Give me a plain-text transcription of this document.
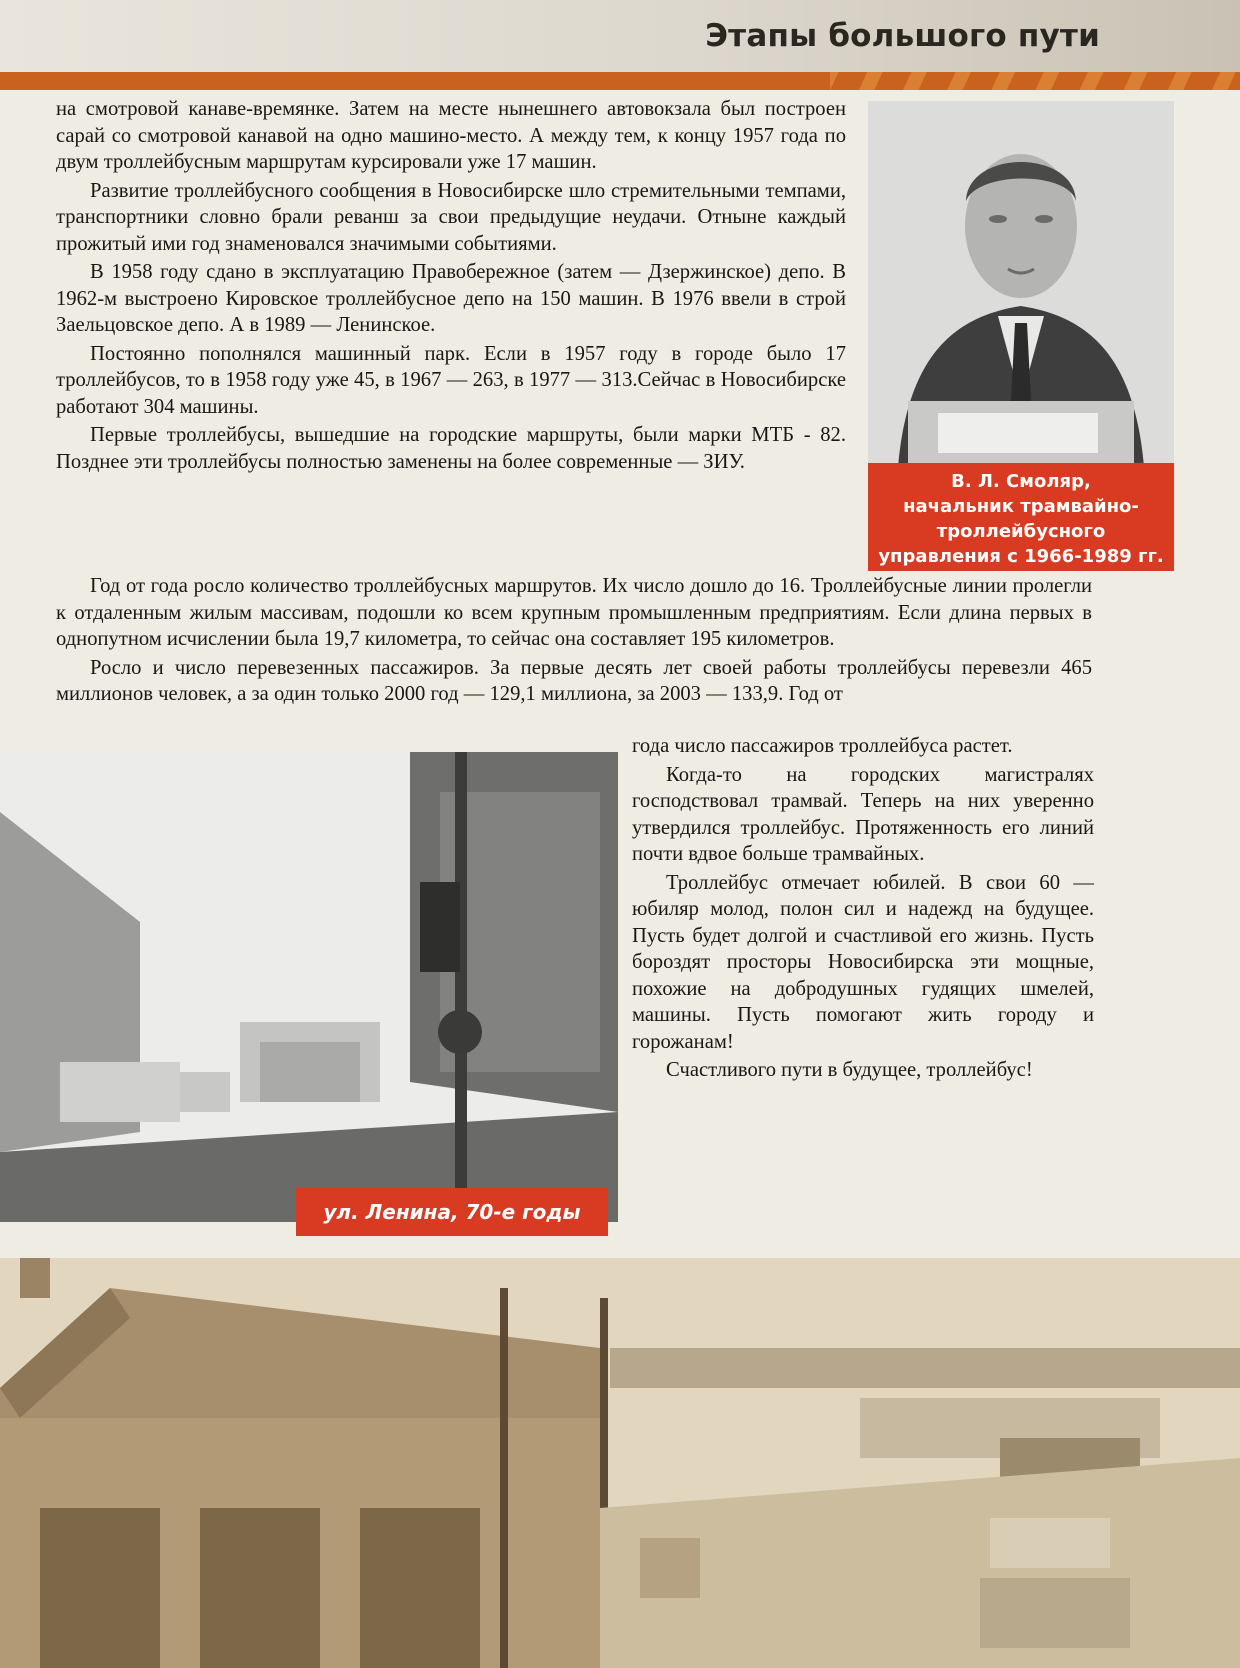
Этапы большого пути

на смотровой канаве-времянке. Затем на месте нынешнего автовокзала был построен сарай со смотровой канавой на одно машино-место. А между тем, к концу 1957 года по двум троллейбусным маршрутам курсировали уже 17 машин.

Развитие троллейбусного сообщения в Новосибирске шло стремительными темпами, транспортники словно брали реванш за свои предыдущие неудачи. Отныне каждый прожитый ими год знаменовался значимыми событиями.

В 1958 году сдано в эксплуатацию Правобережное (затем — Дзержинское) депо. В 1962-м выстроено Кировское троллейбусное депо на 150 машин. В 1976 ввели в строй Заельцовское депо. А в 1989 — Ленинское.

Постоянно пополнялся машинный парк. Если в 1957 году в городе было 17 троллейбусов, то в 1958 году уже 45, в 1967 — 263, в 1977 — 313.Сейчас в Новосибирске работают 304 машины.

Первые троллейбусы, вышедшие на городские маршруты, были марки МТБ - 82. Позднее эти троллейбусы полностью заменены на более современные — ЗИУ.

В. Л. Смоляр,
начальник трамвайно-
троллейбусного
управления с 1966-1989 гг.

Год от года росло количество троллейбусных маршрутов. Их число дошло до 16. Троллейбусные линии пролегли к отдаленным жилым массивам, подошли ко всем крупным промышленным предприятиям. Если длина первых в однопутном исчислении была 19,7 километра, то сейчас она составляет 195 километров.

Росло и число перевезенных пассажиров. За первые десять лет своей работы троллейбусы перевезли 465 миллионов человек, а за один только 2000 год — 129,1 миллиона, за 2003 — 133,9. Год от

ул. Ленина, 70-е годы

года число пассажиров троллейбуса растет.

Когда-то на городских магистралях господствовал трамвай. Теперь на них уверенно утвердился троллейбус. Протяженность его линий почти вдвое больше трамвайных.

Троллейбус отмечает юбилей. В свои 60 — юбиляр молод, полон сил и надежд на будущее. Пусть будет долгой и счастливой его жизнь. Пусть бороздят просторы Новосибирска эти мощные, похожие на добродушных гудящих шмелей, машины. Пусть помогают жить городу и горожанам!

Счастливого пути в будущее, троллейбус!
